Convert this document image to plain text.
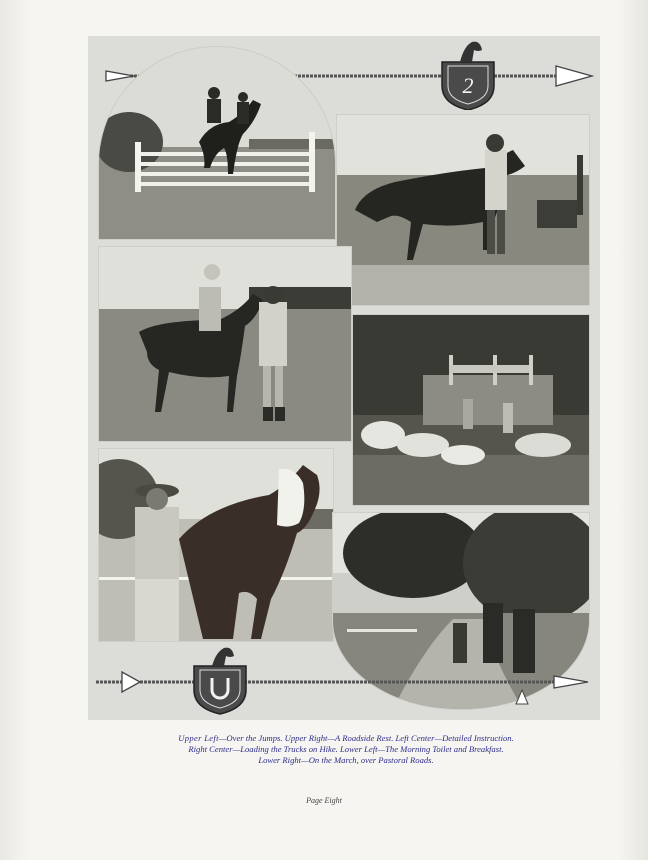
2
Upper Left—Over the Jumps. Upper Right—A Roadside Rest. Left Center—Detailed Instruction.
Right Center—Loading the Trucks on Hike. Lower Left—The Morning Toilet and Breakfast.
Lower Right—On the March, over Pastoral Roads.
Page Eight
